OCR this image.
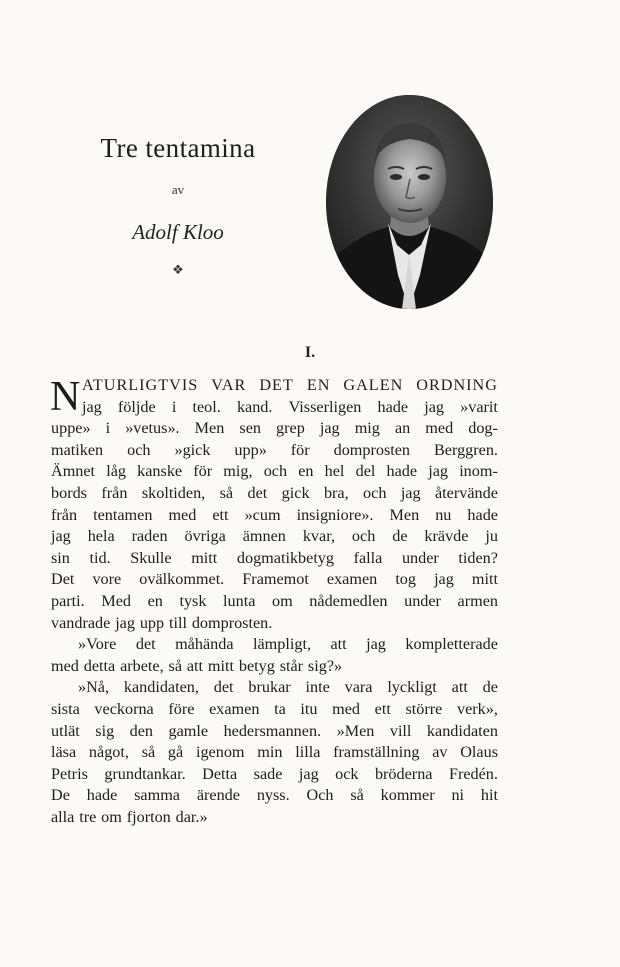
Tre tentamina
av
Adolf Kloo
❖
I.
N ATURLIGTVIS VAR DET EN GALEN ORDNING
jag följde i teol. kand. Visserligen hade jag »varit
uppe» i »vetus». Men sen grep jag mig an med dog-
matiken och »gick upp» för domprosten Berggren.
Ämnet låg kanske för mig, och en hel del hade jag inom-
bords från skoltiden, så det gick bra, och jag återvände
från tentamen med ett »cum insigniore». Men nu hade
jag hela raden övriga ämnen kvar, och de krävde ju
sin tid. Skulle mitt dogmatikbetyg falla under tiden?
Det vore ovälkommet. Framemot examen tog jag mitt
parti. Med en tysk lunta om nådemedlen under armen
vandrade jag upp till domprosten.
»Vore det måhända lämpligt, att jag kompletterade
med detta arbete, så att mitt betyg står sig?»
»Nå, kandidaten, det brukar inte vara lyckligt att de
sista veckorna före examen ta itu med ett större verk»,
utlät sig den gamle hedersmannen. »Men vill kandidaten
läsa något, så gå igenom min lilla framställning av Olaus
Petris grundtankar. Detta sade jag ock bröderna Fredén.
De hade samma ärende nyss. Och så kommer ni hit
alla tre om fjorton dar.»
